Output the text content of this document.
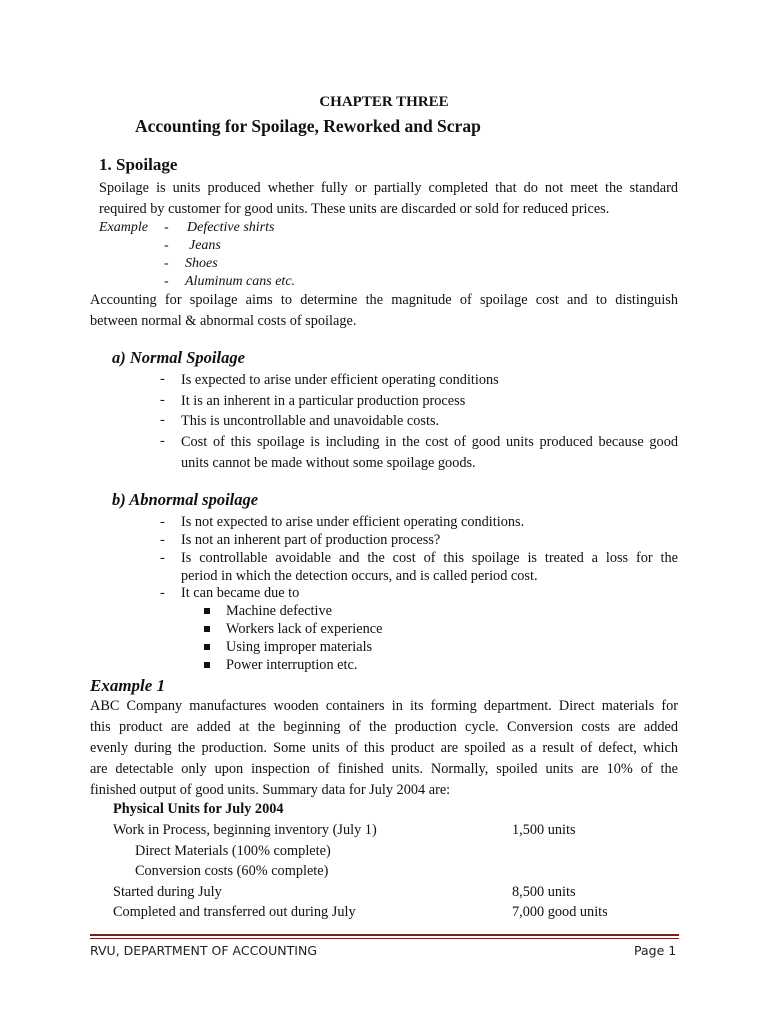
CHAPTER THREE
Accounting for Spoilage, Reworked and Scrap
1. Spoilage
Spoilage is units produced whether fully or partially completed that do not meet the standard
required by customer for good units. These units are discarded or sold for reduced prices.
Example - Defective shirts
- Jeans
- Shoes
- Aluminum cans etc.
Accounting for spoilage aims to determine the magnitude of spoilage cost and to distinguish
between normal & abnormal costs of spoilage.
a) Normal Spoilage
- Is expected to arise under efficient operating conditions
- It is an inherent in a particular production process
- This is uncontrollable and unavoidable costs.
- Cost of this spoilage is including in the cost of good units produced because good
units cannot be made without some spoilage goods.
b) Abnormal spoilage
- Is not expected to arise under efficient operating conditions.
- Is not an inherent part of production process?
- Is controllable avoidable and the cost of this spoilage is treated a loss for the
period in which the detection occurs, and is called period cost.
- It can became due to
Machine defective
Workers lack of experience
Using improper materials
Power interruption etc.
Example 1
ABC Company manufactures wooden containers in its forming department. Direct materials for
this product are added at the beginning of the production cycle. Conversion costs are added
evenly during the production. Some units of this product are spoiled as a result of defect, which
are detectable only upon inspection of finished units. Normally, spoiled units are 10% of the
finished output of good units. Summary data for July 2004 are:
Physical Units for July 2004
Work in Process, beginning inventory (July 1)	1,500 units
Direct Materials (100% complete)
Conversion costs (60% complete)
Started during July	8,500 units
Completed and transferred out during July	7,000 good units
RVU, DEPARTMENT OF ACCOUNTING	Page 1
